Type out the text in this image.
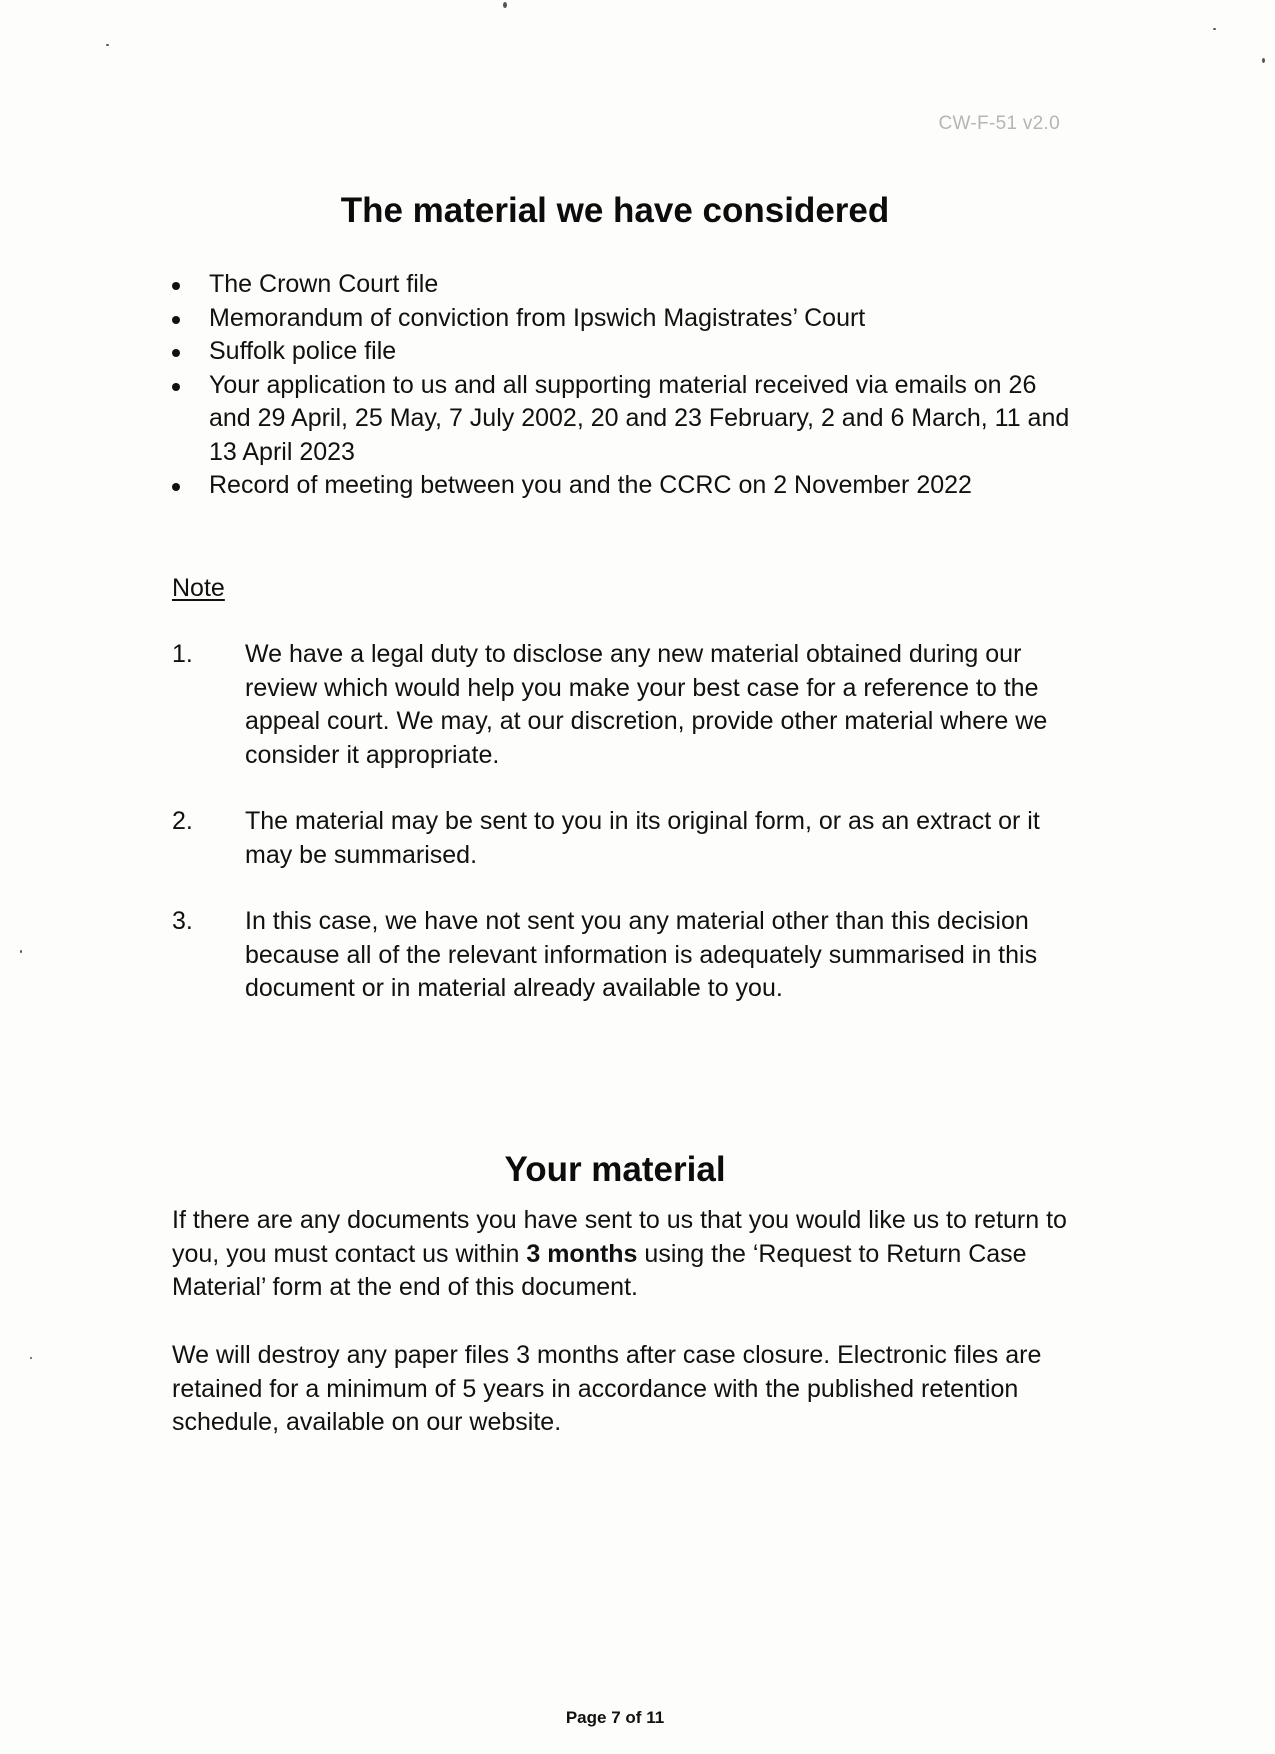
CW-F-51 v2.0
The material we have considered
The Crown Court file
Memorandum of conviction from Ipswich Magistrates’ Court
Suffolk police file
Your application to us and all supporting material received via emails on 26 and 29 April, 25 May, 7 July 2002, 20 and 23 February, 2 and 6 March, 11 and 13 April 2023
Record of meeting between you and the CCRC on 2 November 2022
Note
1. We have a legal duty to disclose any new material obtained during our review which would help you make your best case for a reference to the appeal court. We may, at our discretion, provide other material where we consider it appropriate.
2. The material may be sent to you in its original form, or as an extract or it may be summarised.
3. In this case, we have not sent you any material other than this decision because all of the relevant information is adequately summarised in this document or in material already available to you.
Your material

If there are any documents you have sent to us that you would like us to return to you, you must contact us within 3 months using the ‘Request to Return Case Material’ form at the end of this document.

We will destroy any paper files 3 months after case closure. Electronic files are retained for a minimum of 5 years in accordance with the published retention schedule, available on our website.

Page 7 of 11
